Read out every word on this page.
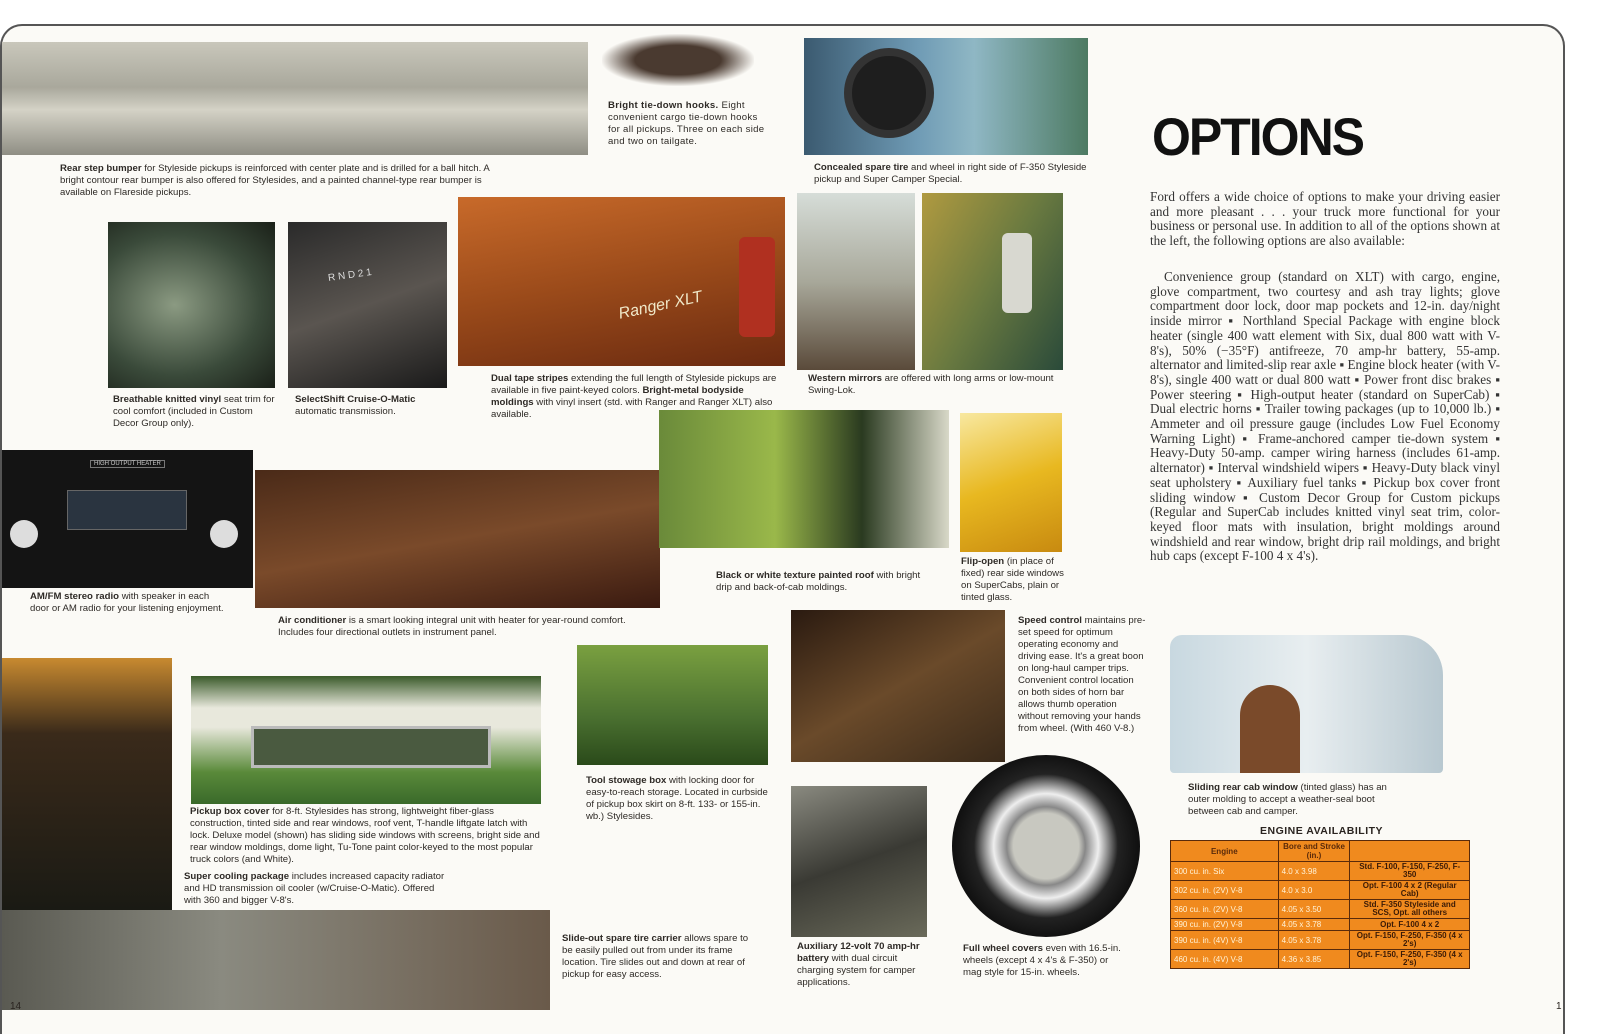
R N D 2 1
Ranger XLT
HIGH OUTPUT HEATER
Rear step bumper for Styleside pickups is reinforced with center plate and is drilled for a ball hitch. A bright contour rear bumper is also offered for Stylesides, and a painted channel-type rear bumper is available on Flareside pickups.
Bright tie-down hooks. Eight convenient cargo tie-down hooks for all pickups. Three on each side and two on tailgate.
Concealed spare tire and wheel in right side of F-350 Styleside pickup and Super Camper Special.
Breathable knitted vinyl seat trim for cool comfort (included in Custom Decor Group only).
SelectShift Cruise-O-Matic automatic transmission.
Dual tape stripes extending the full length of Styleside pickups are available in five paint-keyed colors. Bright-metal bodyside moldings with vinyl insert (std. with Ranger and Ranger XLT) also available.
Western mirrors are offered with long arms or low-mount Swing-Lok.
AM/FM stereo radio with speaker in each door or AM radio for your listening enjoyment.
Air conditioner is a smart looking integral unit with heater for year-round comfort. Includes four directional outlets in instrument panel.
Black or white texture painted roof with bright drip and back-of-cab moldings.
Flip-open (in place of fixed) rear side windows on SuperCabs, plain or tinted glass.
Speed control maintains pre-set speed for optimum operating economy and driving ease. It's a great boon on long-haul camper trips. Convenient control location on both sides of horn bar allows thumb operation without removing your hands from wheel. (With 460 V-8.)
Pickup box cover for 8-ft. Stylesides has strong, lightweight fiber-glass construction, tinted side and rear windows, roof vent, T-handle liftgate latch with lock. Deluxe model (shown) has sliding side windows with screens, bright side and rear window moldings, dome light, Tu-Tone paint color-keyed to the most popular truck colors (and White).
Super cooling package includes increased capacity radiator and HD transmission oil cooler (w/Cruise-O-Matic). Offered with 360 and bigger V-8's.
Tool stowage box with locking door for easy-to-reach storage. Located in curbside of pickup box skirt on 8-ft. 133- or 155-in. wb.) Stylesides.
Slide-out spare tire carrier allows spare to be easily pulled out from under its frame location. Tire slides out and down at rear of pickup for easy access.
Auxiliary 12-volt 70 amp-hr battery with dual circuit charging system for camper applications.
Full wheel covers even with 16.5-in. wheels (except 4 x 4's & F-350) or mag style for 15-in. wheels.
Sliding rear cab window (tinted glass) has an outer molding to accept a weather-seal boot between cab and camper.
OPTIONS
Ford offers a wide choice of options to make your driving easier and more pleasant . . . your truck more functional for your business or personal use. In addition to all of the options shown at the left, the following options are also available:
Convenience group (standard on XLT) with cargo, engine, glove compartment, two courtesy and ash tray lights; glove compartment door lock, door map pockets and 12-in. day/night inside mirror ▪ Northland Special Package with engine block heater (single 400 watt element with Six, dual 800 watt with V-8's), 50% (−35°F) antifreeze, 70 amp-hr battery, 55-amp. alternator and limited-slip rear axle ▪ Engine block heater (with V-8's), single 400 watt or dual 800 watt ▪ Power front disc brakes ▪ Power steering ▪ High-output heater (standard on SuperCab) ▪ Dual electric horns ▪ Trailer towing packages (up to 10,000 lb.) ▪ Ammeter and oil pressure gauge (includes Low Fuel Economy Warning Light) ▪ Frame-anchored camper tie-down system ▪ Heavy-Duty 50-amp. camper wiring harness (includes 61-amp. alternator) ▪ Interval windshield wipers ▪ Heavy-Duty black vinyl seat upholstery ▪ Auxiliary fuel tanks ▪ Pickup box cover front sliding window ▪ Custom Decor Group for Custom pickups (Regular and SuperCab includes knitted vinyl seat trim, color-keyed floor mats with insulation, bright moldings around windshield and rear window, bright drip rail moldings, and bright hub caps (except F-100 4 x 4's).
ENGINE AVAILABILITY
Engine	Bore and Stroke (in.)	
300 cu. in. Six	4.0 x 3.98	Std. F-100, F-150, F-250, F-350
302 cu. in. (2V) V-8	4.0 x 3.0	Opt. F-100 4 x 2 (Regular Cab)
360 cu. in. (2V) V-8	4.05 x 3.50	Std. F-350 Styleside and SCS, Opt. all others
390 cu. in. (2V) V-8	4.05 x 3.78	Opt. F-100 4 x 2
390 cu. in. (4V) V-8	4.05 x 3.78	Opt. F-150, F-250, F-350 (4 x 2's)
460 cu. in. (4V) V-8	4.36 x 3.85	Opt. F-150, F-250, F-350 (4 x 2's)
14	1
